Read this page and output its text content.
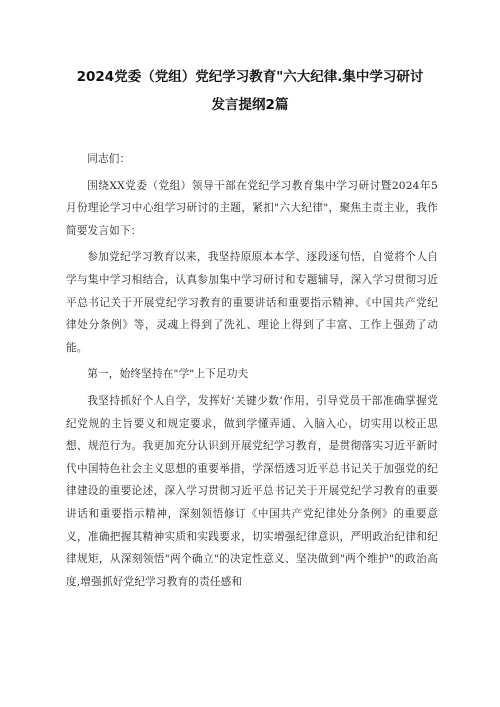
2024党委（党组）党纪学习教育"六大纪律.集中学习研讨
发言提纲2篇

同志们：

围绕XX党委（党组）领导干部在党纪学习教育集中学习研讨暨2024年5月份理论学习中心组学习研讨的主题，紧扣"六大纪律"，聚焦主责主业，我作简要发言如下：

参加党纪学习教育以来，我坚持原原本本学、逐段逐句悟，自觉将个人自学与集中学习相结合，认真参加集中学习研讨和专题辅导，深入学习贯彻习近平总书记关于开展党纪学习教育的重要讲话和重要指示精神、《中国共产党纪律处分条例》等，灵魂上得到了洗礼、理论上得到了丰富、工作上强劲了动能。

第一，始终坚持在"学"上下足功夫

我坚持抓好个人自学，发挥好‘关键少数’作用，引导党员干部准确掌握党纪党规的主旨要义和规定要求，做到学懂弄通、入脑入心，切实用以校正思想、规范行为。我更加充分认识到开展党纪学习教育，是贯彻落实习近平新时代中国特色社会主义思想的重要举措，学深悟透习近平总书记关于加强党的纪律建设的重要论述，深入学习贯彻习近平总书记关于开展党纪学习教育的重要讲话和重要指示精神，深刻领悟修订《中国共产党纪律处分条例》的重要意义，准确把握其精神实质和实践要求，切实增强纪律意识，严明政治纪律和纪律规矩，从深刻领悟"两个确立"的决定性意义、坚决做到"两个维护"的政治高度,增强抓好党纪学习教育的责任感和
